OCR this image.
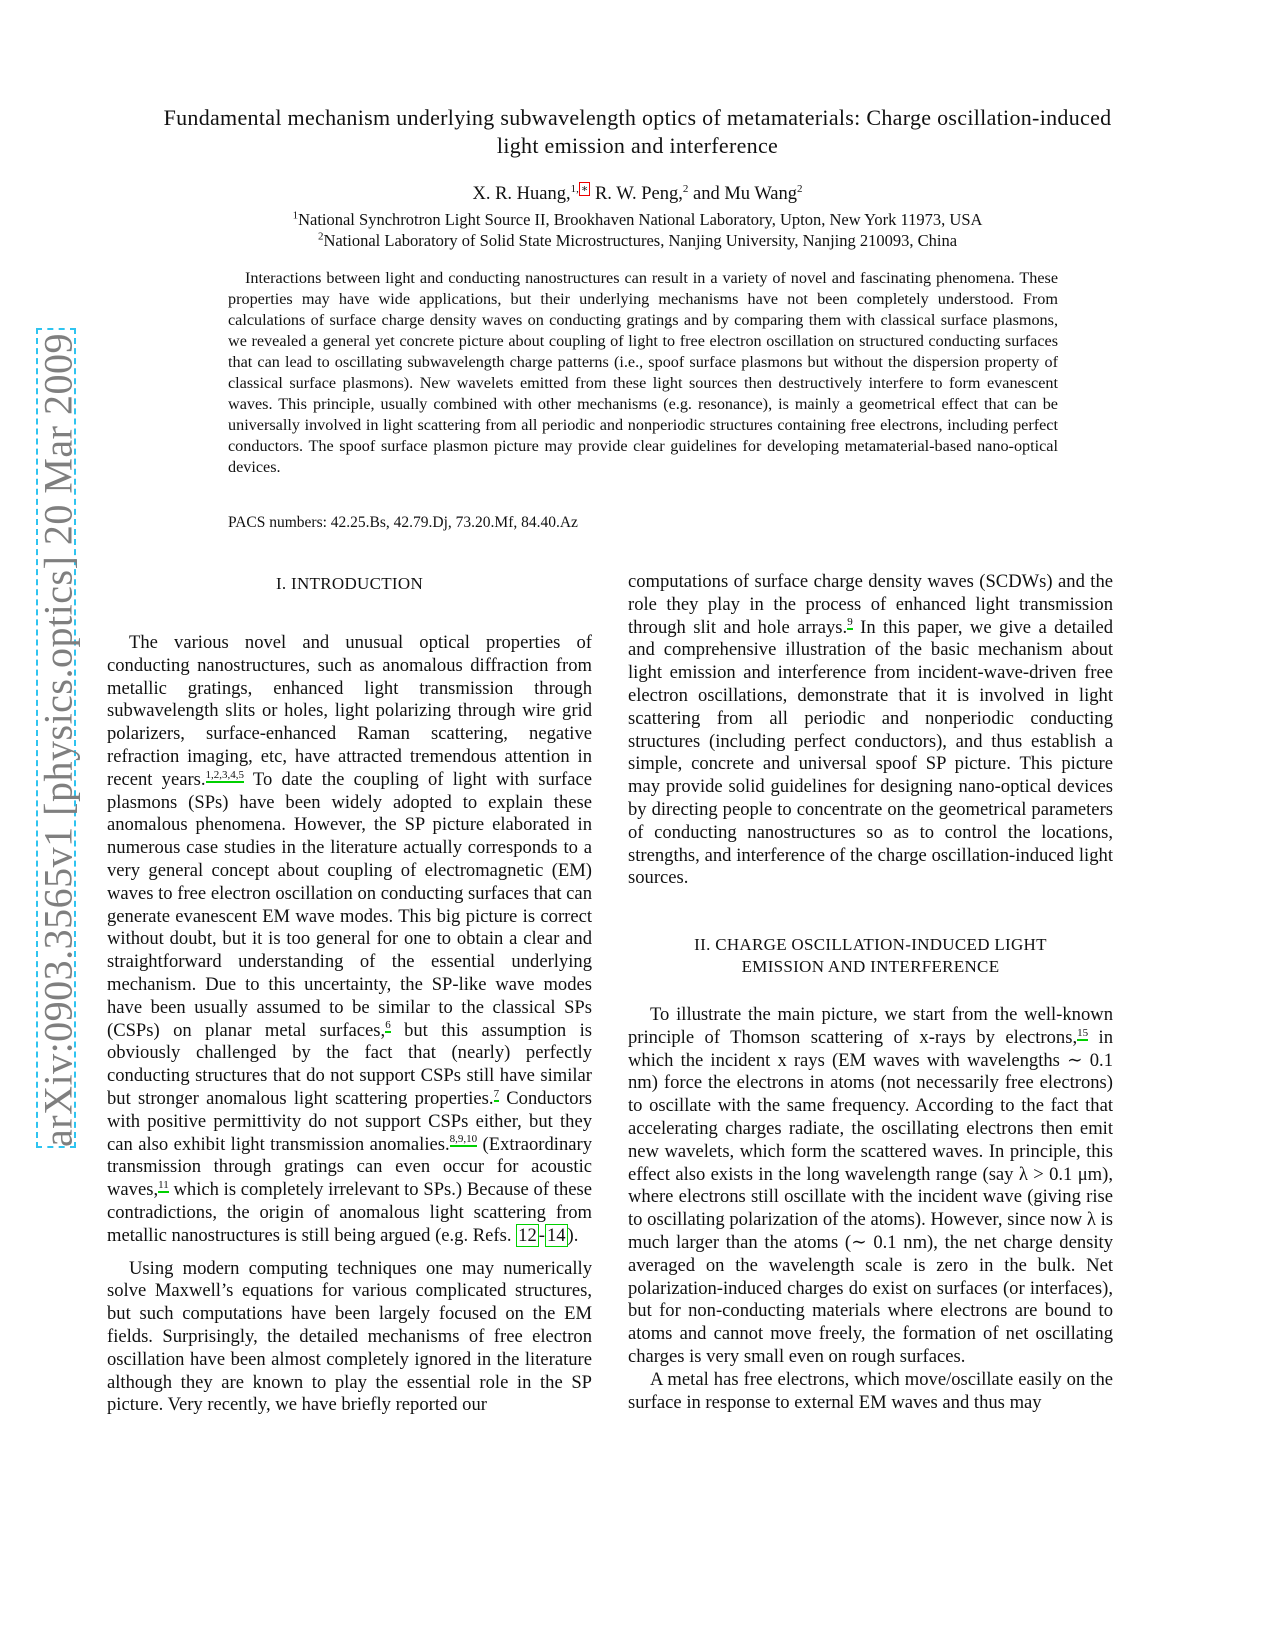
arXiv:0903.3565v1 [physics.optics] 20 Mar 2009
Fundamental mechanism underlying subwavelength optics of metamaterials: Charge oscillation-induced light emission and interference
X. R. Huang,$^{1,}$ ∗ R. W. Peng,$^2$ and Mu Wang$^2$
$^1$National Synchrotron Light Source II, Brookhaven National Laboratory, Upton, New York 11973, USA
$^2$National Laboratory of Solid State Microstructures, Nanjing University, Nanjing 210093, China

Interactions between light and conducting nanostructures can result in a variety of novel and fascinating phenomena. These properties may have wide applications, but their underlying mechanisms have not been completely understood. From calculations of surface charge density waves on conducting gratings and by comparing them with classical surface plasmons, we revealed a general yet concrete picture about coupling of light to free electron oscillation on structured conducting surfaces that can lead to oscillating subwavelength charge patterns (i.e., spoof surface plasmons but without the dispersion property of classical surface plasmons). New wavelets emitted from these light sources then destructively interfere to form evanescent waves. This principle, usually combined with other mechanisms (e.g. resonance), is mainly a geometrical effect that can be universally involved in light scattering from all periodic and nonperiodic structures containing free electrons, including perfect conductors. The spoof surface plasmon picture may provide clear guidelines for developing metamaterial-based nano-optical devices.

PACS numbers: 42.25.Bs, 42.79.Dj, 73.20.Mf, 84.40.Az
I. INTRODUCTION

The various novel and unusual optical properties of conducting nanostructures, such as anomalous diffraction from metallic gratings, enhanced light transmission through subwavelength slits or holes, light polarizing through wire grid polarizers, surface-enhanced Raman scattering, negative refraction imaging, etc, have attracted tremendous attention in recent years.$^{1,2,3,4,5}$ To date the coupling of light with surface plasmons (SPs) have been widely adopted to explain these anomalous phenomena. However, the SP picture elaborated in numerous case studies in the literature actually corresponds to a very general concept about coupling of electromagnetic (EM) waves to free electron oscillation on conducting surfaces that can generate evanescent EM wave modes. This big picture is correct without doubt, but it is too general for one to obtain a clear and straightforward understanding of the essential underlying mechanism. Due to this uncertainty, the SP-like wave modes have been usually assumed to be similar to the classical SPs (CSPs) on planar metal surfaces,$^6$ but this assumption is obviously challenged by the fact that (nearly) perfectly conducting structures that do not support CSPs still have similar but stronger anomalous light scattering properties.$^7$ Conductors with positive permittivity do not support CSPs either, but they can also exhibit light transmission anomalies.$^{8,9,10}$ (Extraordinary transmission through gratings can even occur for acoustic waves,$^{11}$ which is completely irrelevant to SPs.) Because of these contradictions, the origin of anomalous light scattering from metallic nanostructures is still being argued (e.g. Refs. 12 - 14 ).

Using modern computing techniques one may numerically solve Maxwell’s equations for various complicated structures, but such computations have been largely focused on the EM fields. Surprisingly, the detailed mechanisms of free electron oscillation have been almost completely ignored in the literature although they are known to play the essential role in the SP picture. Very recently, we have briefly reported our

computations of surface charge density waves (SCDWs) and the role they play in the process of enhanced light transmission through slit and hole arrays.$^9$ In this paper, we give a detailed and comprehensive illustration of the basic mechanism about light emission and interference from incident-wave-driven free electron oscillations, demonstrate that it is involved in light scattering from all periodic and nonperiodic conducting structures (including perfect conductors), and thus establish a simple, concrete and universal spoof SP picture. This picture may provide solid guidelines for designing nano-optical devices by directing people to concentrate on the geometrical parameters of conducting nanostructures so as to control the locations, strengths, and interference of the charge oscillation-induced light sources.

II. CHARGE OSCILLATION-INDUCED LIGHT
EMISSION AND INTERFERENCE

To illustrate the main picture, we start from the well-known principle of Thomson scattering of x-rays by electrons,$^{15}$ in which the incident x rays (EM waves with wavelengths ∼ 0.1 nm) force the electrons in atoms (not necessarily free electrons) to oscillate with the same frequency. According to the fact that accelerating charges radiate, the oscillating electrons then emit new wavelets, which form the scattered waves. In principle, this effect also exists in the long wavelength range (say λ > 0.1 μm), where electrons still oscillate with the incident wave (giving rise to oscillating polarization of the atoms). However, since now λ is much larger than the atoms (∼ 0.1 nm), the net charge density averaged on the wavelength scale is zero in the bulk. Net polarization-induced charges do exist on surfaces (or interfaces), but for non-conducting materials where electrons are bound to atoms and cannot move freely, the formation of net oscillating charges is very small even on rough surfaces.

A metal has free electrons, which move/oscillate easily on the surface in response to external EM waves and thus may
